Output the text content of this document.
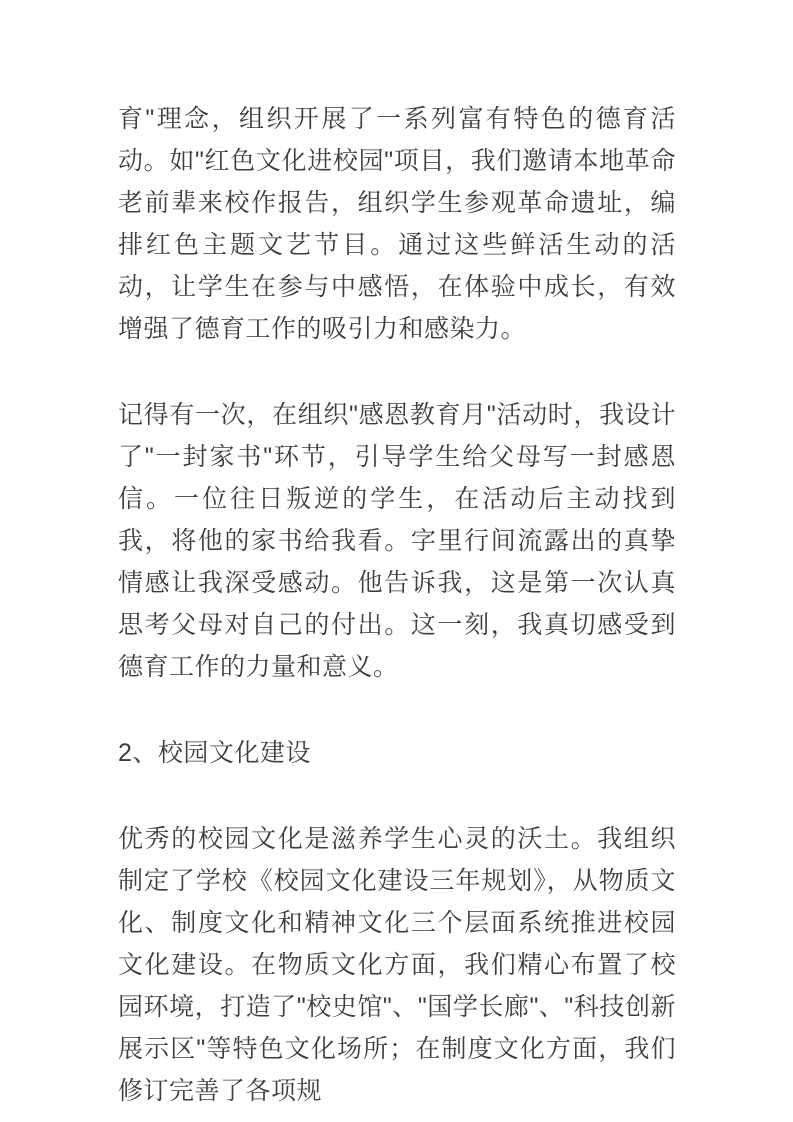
育"理念，组织开展了一系列富有特色的德育活动。如"红色文化进校园"项目，我们邀请本地革命老前辈来校作报告，组织学生参观革命遗址，编排红色主题文艺节目。通过这些鲜活生动的活动，让学生在参与中感悟，在体验中成长，有效增强了德育工作的吸引力和感染力。

记得有一次，在组织"感恩教育月"活动时，我设计了"一封家书"环节，引导学生给父母写一封感恩信。一位往日叛逆的学生，在活动后主动找到我，将他的家书给我看。字里行间流露出的真挚情感让我深受感动。他告诉我，这是第一次认真思考父母对自己的付出。这一刻，我真切感受到德育工作的力量和意义。

2、校园文化建设

优秀的校园文化是滋养学生心灵的沃土。我组织制定了学校《校园文化建设三年规划》，从物质文化、制度文化和精神文化三个层面系统推进校园文化建设。在物质文化方面，我们精心布置了校园环境，打造了"校史馆"、"国学长廊"、"科技创新展示区"等特色文化场所；在制度文化方面，我们修订完善了各项规
